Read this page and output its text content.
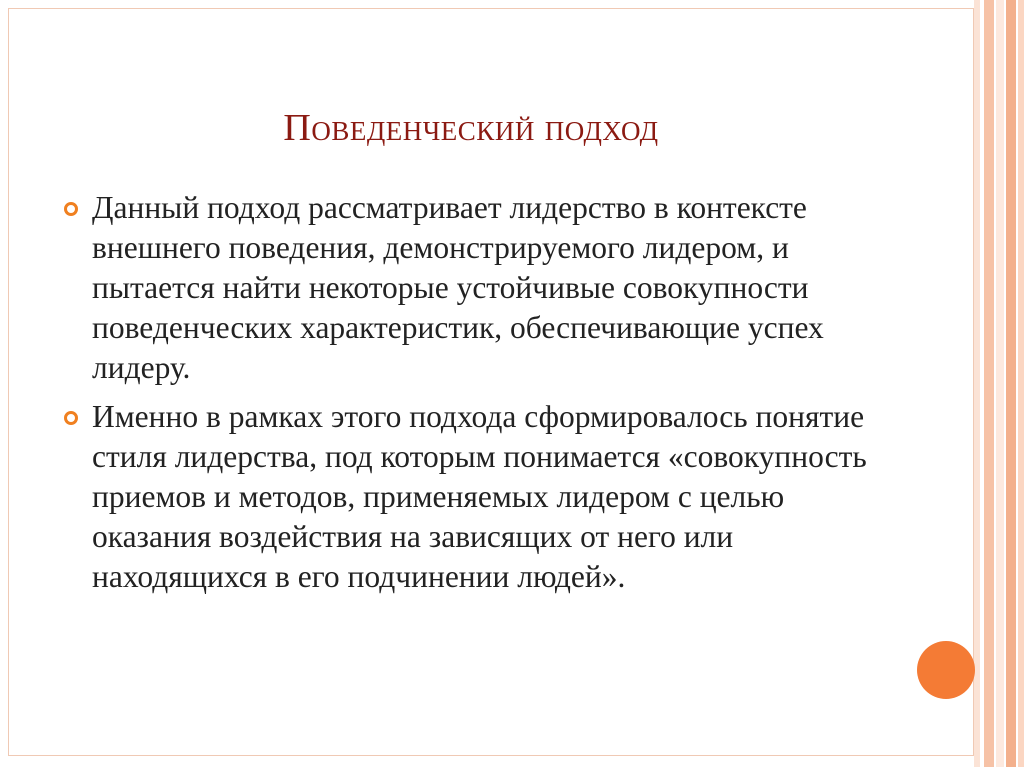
Поведенческий подход

Данный подход рассматривает лидерство в контексте внешнего поведения, демонстрируемого лидером, и пытается найти некоторые устойчивые совокупности поведенческих характеристик, обеспечивающие успех лидеру.

Именно в рамках этого подхода сформировалось понятие стиля лидерства, под которым понимается «совокупность приемов и методов, применяемых лидером с целью оказания воздействия на зависящих от него или находящихся в его подчинении людей».
